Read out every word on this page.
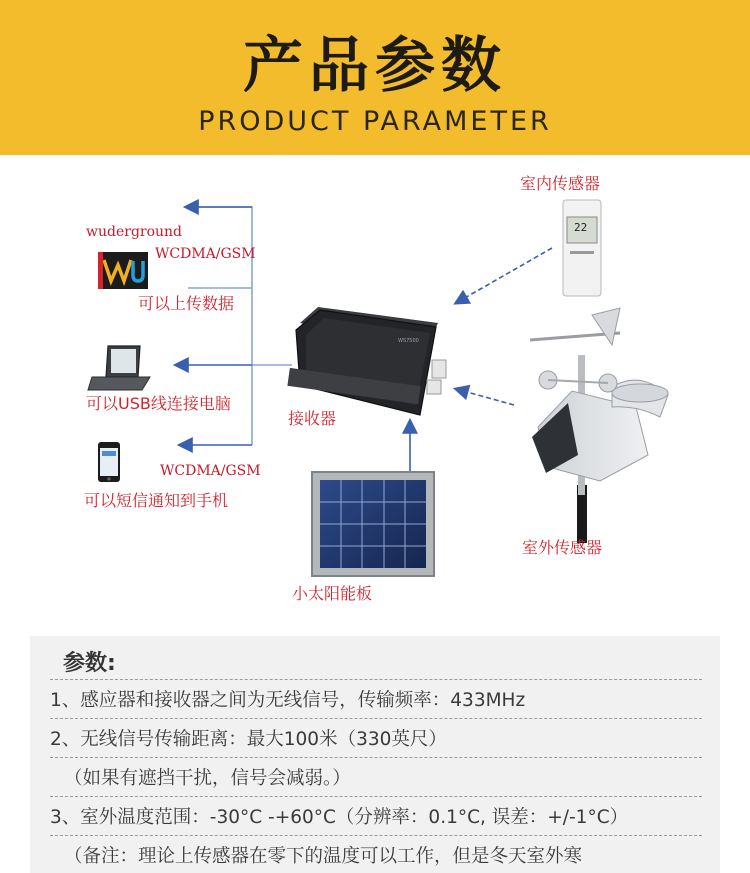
产品参数
PRODUCT PARAMETER
WS7500
22
wuderground
WCDMA/GSM
可以上传数据
可以USB线连接电脑
WCDMA/GSM
可以短信通知到手机
接收器
室内传感器
室外传感器
小太阳能板
参数:
1、感应器和接收器之间为无线信号，传输频率：433MHz
2、无线信号传输距离：最大100米（330英尺）
（如果有遮挡干扰，信号会减弱。）
3、室外温度范围：-30°C -+60°C（分辨率：0.1°C, 误差：+/-1°C）
（备注：理论上传感器在零下的温度可以工作，但是冬天室外寒
